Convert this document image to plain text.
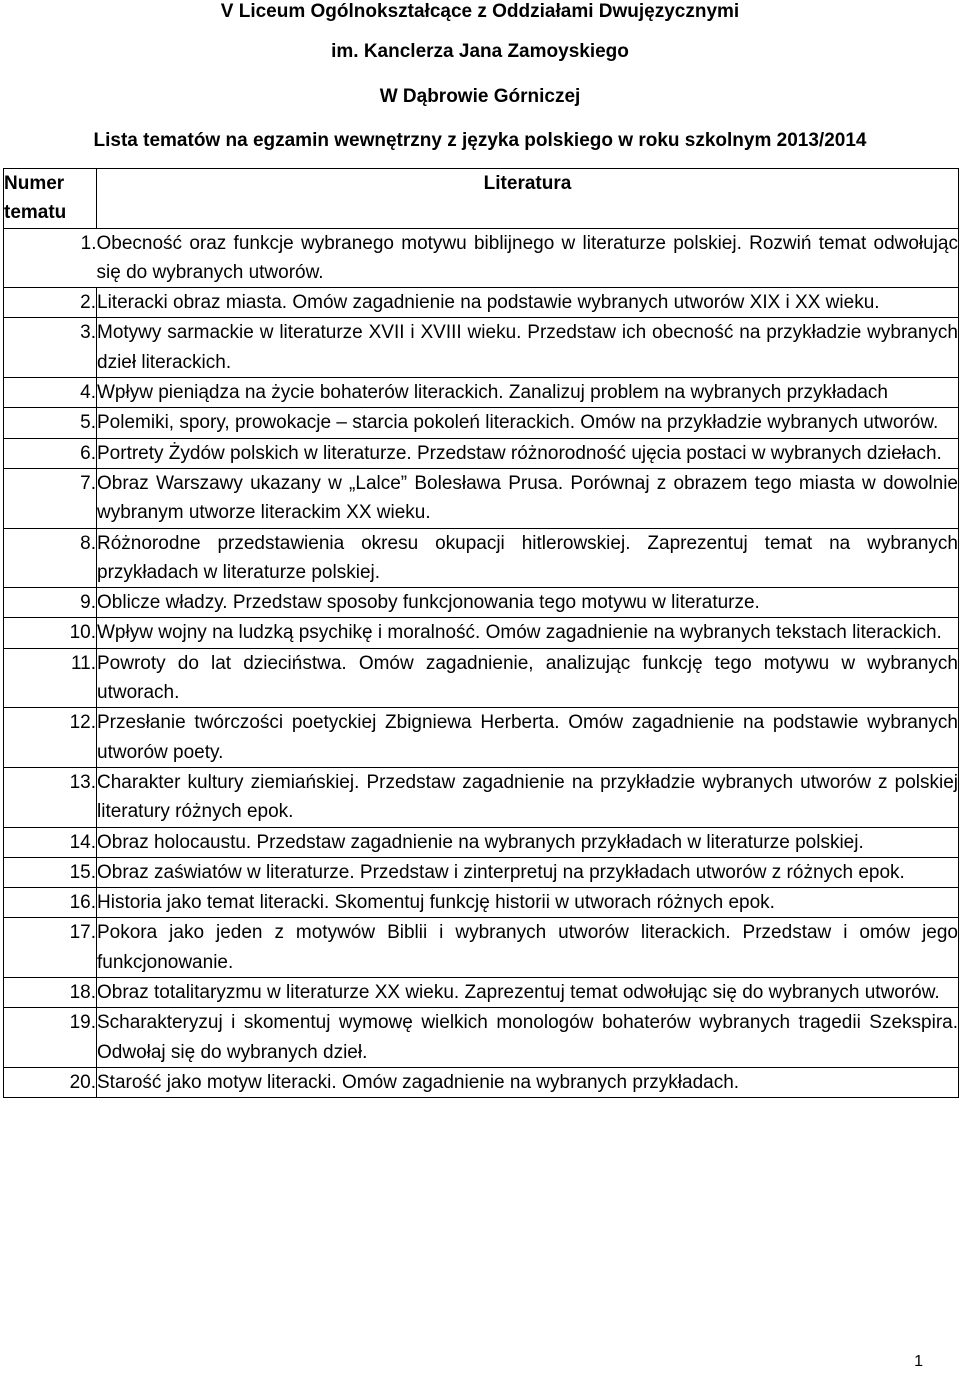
V Liceum Ogólnokształcące z Oddziałami Dwujęzycznymi
im. Kanclerza Jana Zamoyskiego
W Dąbrowie Górniczej
Lista tematów na egzamin wewnętrzny z języka polskiego w roku szkolnym 2013/2014
Numer tematu	Literatura
1.	Obecność oraz funkcje wybranego motywu biblijnego w literaturze polskiej. Rozwiń temat odwołując się do wybranych utworów.
2.	Literacki obraz miasta. Omów zagadnienie na podstawie wybranych utworów XIX i XX wieku.
3.	Motywy sarmackie w literaturze XVII i XVIII wieku. Przedstaw ich obecność na przykładzie wybranych dzieł literackich.
4.	Wpływ pieniądza na życie bohaterów literackich. Zanalizuj problem na wybranych przykładach
5.	Polemiki, spory, prowokacje – starcia pokoleń literackich. Omów na przykładzie wybranych utworów.
6.	Portrety Żydów polskich w literaturze. Przedstaw różnorodność ujęcia postaci w wybranych dziełach.
7.	Obraz Warszawy ukazany w „Lalce” Bolesława Prusa. Porównaj z obrazem tego miasta w dowolnie wybranym utworze literackim XX wieku.
8.	Różnorodne przedstawienia okresu okupacji hitlerowskiej. Zaprezentuj temat na wybranych przykładach w literaturze polskiej.
9.	Oblicze władzy. Przedstaw sposoby funkcjonowania tego motywu w literaturze.
10.	Wpływ wojny na ludzką psychikę i moralność. Omów zagadnienie na wybranych tekstach literackich.
11.	Powroty do lat dzieciństwa. Omów zagadnienie, analizując funkcję tego motywu w wybranych utworach.
12.	Przesłanie twórczości poetyckiej Zbigniewa Herberta. Omów zagadnienie na podstawie wybranych utworów poety.
13.	Charakter kultury ziemiańskiej. Przedstaw zagadnienie na przykładzie wybranych utworów z polskiej literatury różnych epok.
14.	Obraz holocaustu. Przedstaw zagadnienie na wybranych przykładach w literaturze polskiej.
15.	Obraz zaświatów w literaturze. Przedstaw i zinterpretuj na przykładach utworów z różnych epok.
16.	Historia jako temat literacki. Skomentuj funkcję historii w utworach różnych epok.
17.	Pokora jako jeden z motywów Biblii i wybranych utworów literackich. Przedstaw i omów jego funkcjonowanie.
18.	Obraz totalitaryzmu w literaturze XX wieku. Zaprezentuj temat odwołując się do wybranych utworów.
19.	Scharakteryzuj i skomentuj wymowę wielkich monologów bohaterów wybranych tragedii Szekspira. Odwołaj się do wybranych dzieł.
20.	Starość jako motyw literacki. Omów zagadnienie na wybranych przykładach.
1
